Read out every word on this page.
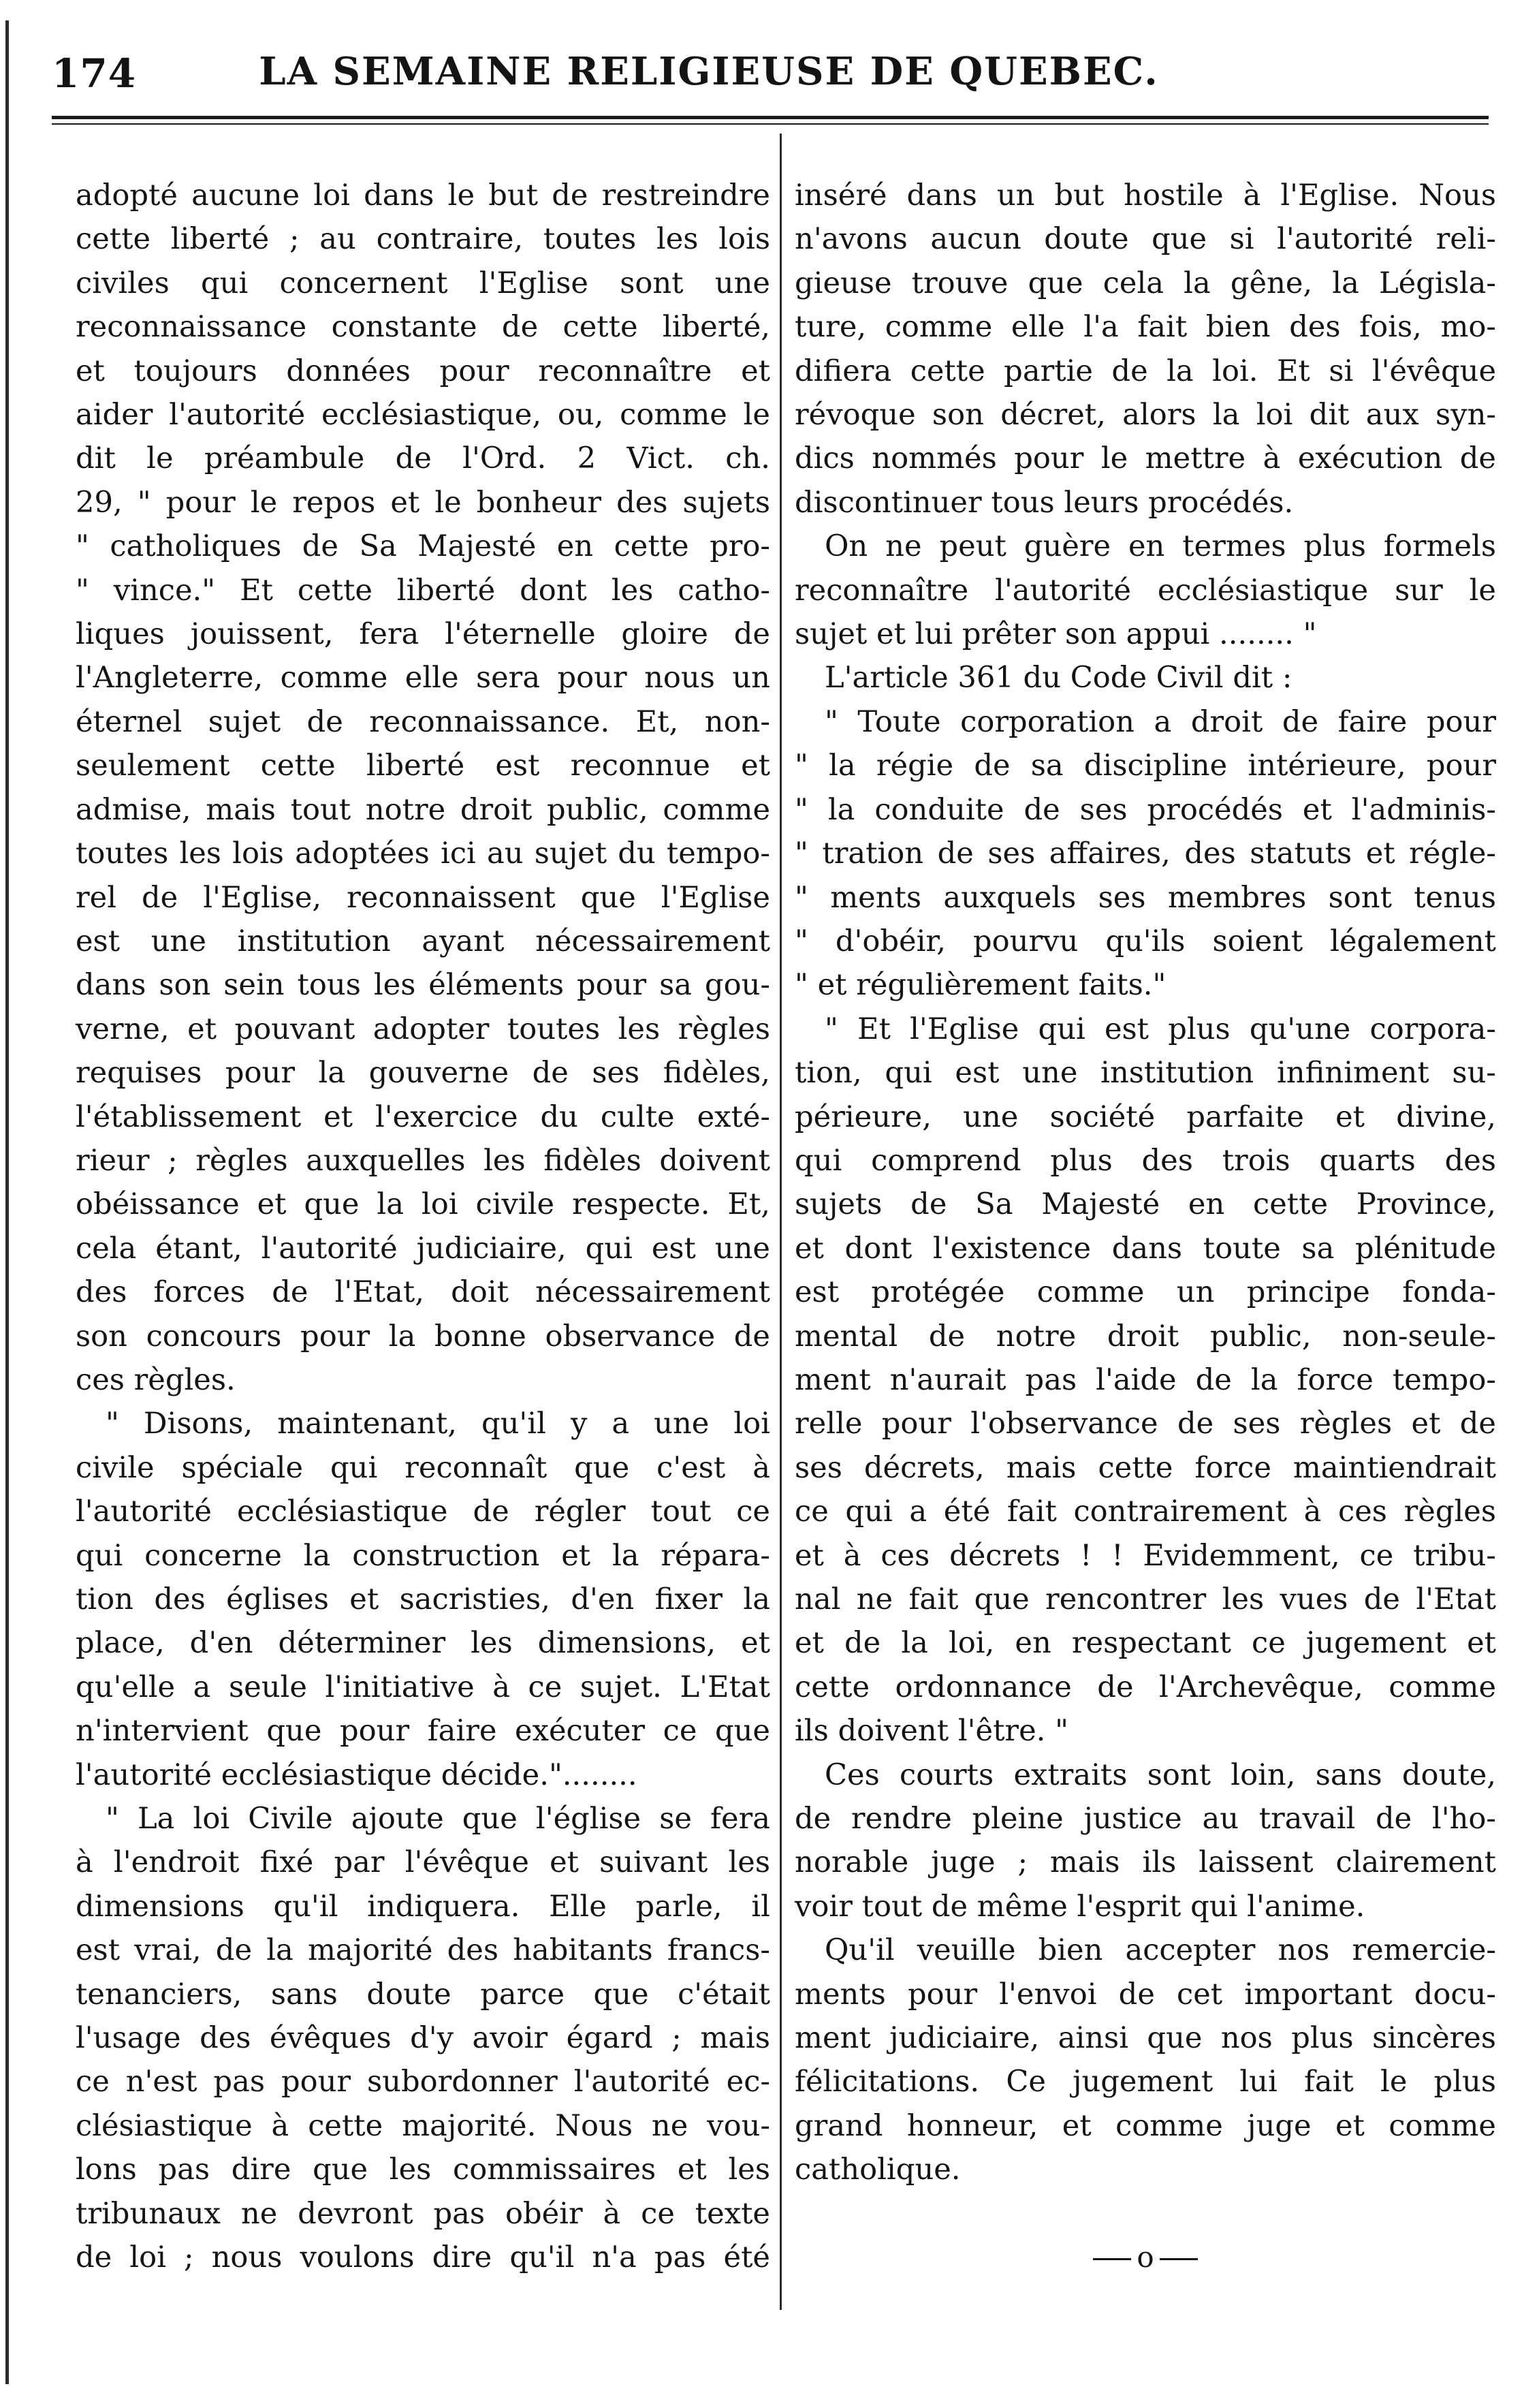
174	LA SEMAINE RELIGIEUSE DE QUEBEC.
adopté aucune loi dans le but de restreindre
cette liberté ; au contraire, toutes les lois
civiles qui concernent l'Eglise sont une
reconnaissance constante de cette liberté,
et toujours données pour reconnaître et
aider l'autorité ecclésiastique, ou, comme le
dit le préambule de l'Ord. 2 Vict. ch.
29, " pour le repos et le bonheur des sujets
" catholiques de Sa Majesté en cette pro-
" vince." Et cette liberté dont les catho-
liques jouissent, fera l'éternelle gloire de
l'Angleterre, comme elle sera pour nous un
éternel sujet de reconnaissance. Et, non-
seulement cette liberté est reconnue et
admise, mais tout notre droit public, comme
toutes les lois adoptées ici au sujet du tempo-
rel de l'Eglise, reconnaissent que l'Eglise
est une institution ayant nécessairement
dans son sein tous les éléments pour sa gou-
verne, et pouvant adopter toutes les règles
requises pour la gouverne de ses fidèles,
l'établissement et l'exercice du culte exté-
rieur ; règles auxquelles les fidèles doivent
obéissance et que la loi civile respecte. Et,
cela étant, l'autorité judiciaire, qui est une
des forces de l'Etat, doit nécessairement
son concours pour la bonne observance de
ces règles.
" Disons, maintenant, qu'il y a une loi
civile spéciale qui reconnaît que c'est à
l'autorité ecclésiastique de régler tout ce
qui concerne la construction et la répara-
tion des églises et sacristies, d'en fixer la
place, d'en déterminer les dimensions, et
qu'elle a seule l'initiative à ce sujet. L'Etat
n'intervient que pour faire exécuter ce que
l'autorité ecclésiastique décide."........
" La loi Civile ajoute que l'église se fera
à l'endroit fixé par l'évêque et suivant les
dimensions qu'il indiquera. Elle parle, il
est vrai, de la majorité des habitants francs-
tenanciers, sans doute parce que c'était
l'usage des évêques d'y avoir égard ; mais
ce n'est pas pour subordonner l'autorité ec-
clésiastique à cette majorité. Nous ne vou-
lons pas dire que les commissaires et les
tribunaux ne devront pas obéir à ce texte
de loi ; nous voulons dire qu'il n'a pas été
inséré dans un but hostile à l'Eglise. Nous
n'avons aucun doute que si l'autorité reli-
gieuse trouve que cela la gêne, la Législa-
ture, comme elle l'a fait bien des fois, mo-
difiera cette partie de la loi. Et si l'évêque
révoque son décret, alors la loi dit aux syn-
dics nommés pour le mettre à exécution de
discontinuer tous leurs procédés.
On ne peut guère en termes plus formels
reconnaître l'autorité ecclésiastique sur le
sujet et lui prêter son appui ........ "
L'article 361 du Code Civil dit :
" Toute corporation a droit de faire pour
" la régie de sa discipline intérieure, pour
" la conduite de ses procédés et l'adminis-
" tration de ses affaires, des statuts et régle-
" ments auxquels ses membres sont tenus
" d'obéir, pourvu qu'ils soient légalement
" et régulièrement faits."
" Et l'Eglise qui est plus qu'une corpora-
tion, qui est une institution infiniment su-
périeure, une société parfaite et divine,
qui comprend plus des trois quarts des
sujets de Sa Majesté en cette Province,
et dont l'existence dans toute sa plénitude
est protégée comme un principe fonda-
mental de notre droit public, non-seule-
ment n'aurait pas l'aide de la force tempo-
relle pour l'observance de ses règles et de
ses décrets, mais cette force maintiendrait
ce qui a été fait contrairement à ces règles
et à ces décrets ! ! Evidemment, ce tribu-
nal ne fait que rencontrer les vues de l'Etat
et de la loi, en respectant ce jugement et
cette ordonnance de l'Archevêque, comme
ils doivent l'être. "
Ces courts extraits sont loin, sans doute,
de rendre pleine justice au travail de l'ho-
norable juge ; mais ils laissent clairement
voir tout de même l'esprit qui l'anime.
Qu'il veuille bien accepter nos remercie-
ments pour l'envoi de cet important docu-
ment judiciaire, ainsi que nos plus sincères
félicitations. Ce jugement lui fait le plus
grand honneur, et comme juge et comme
catholique.
o
